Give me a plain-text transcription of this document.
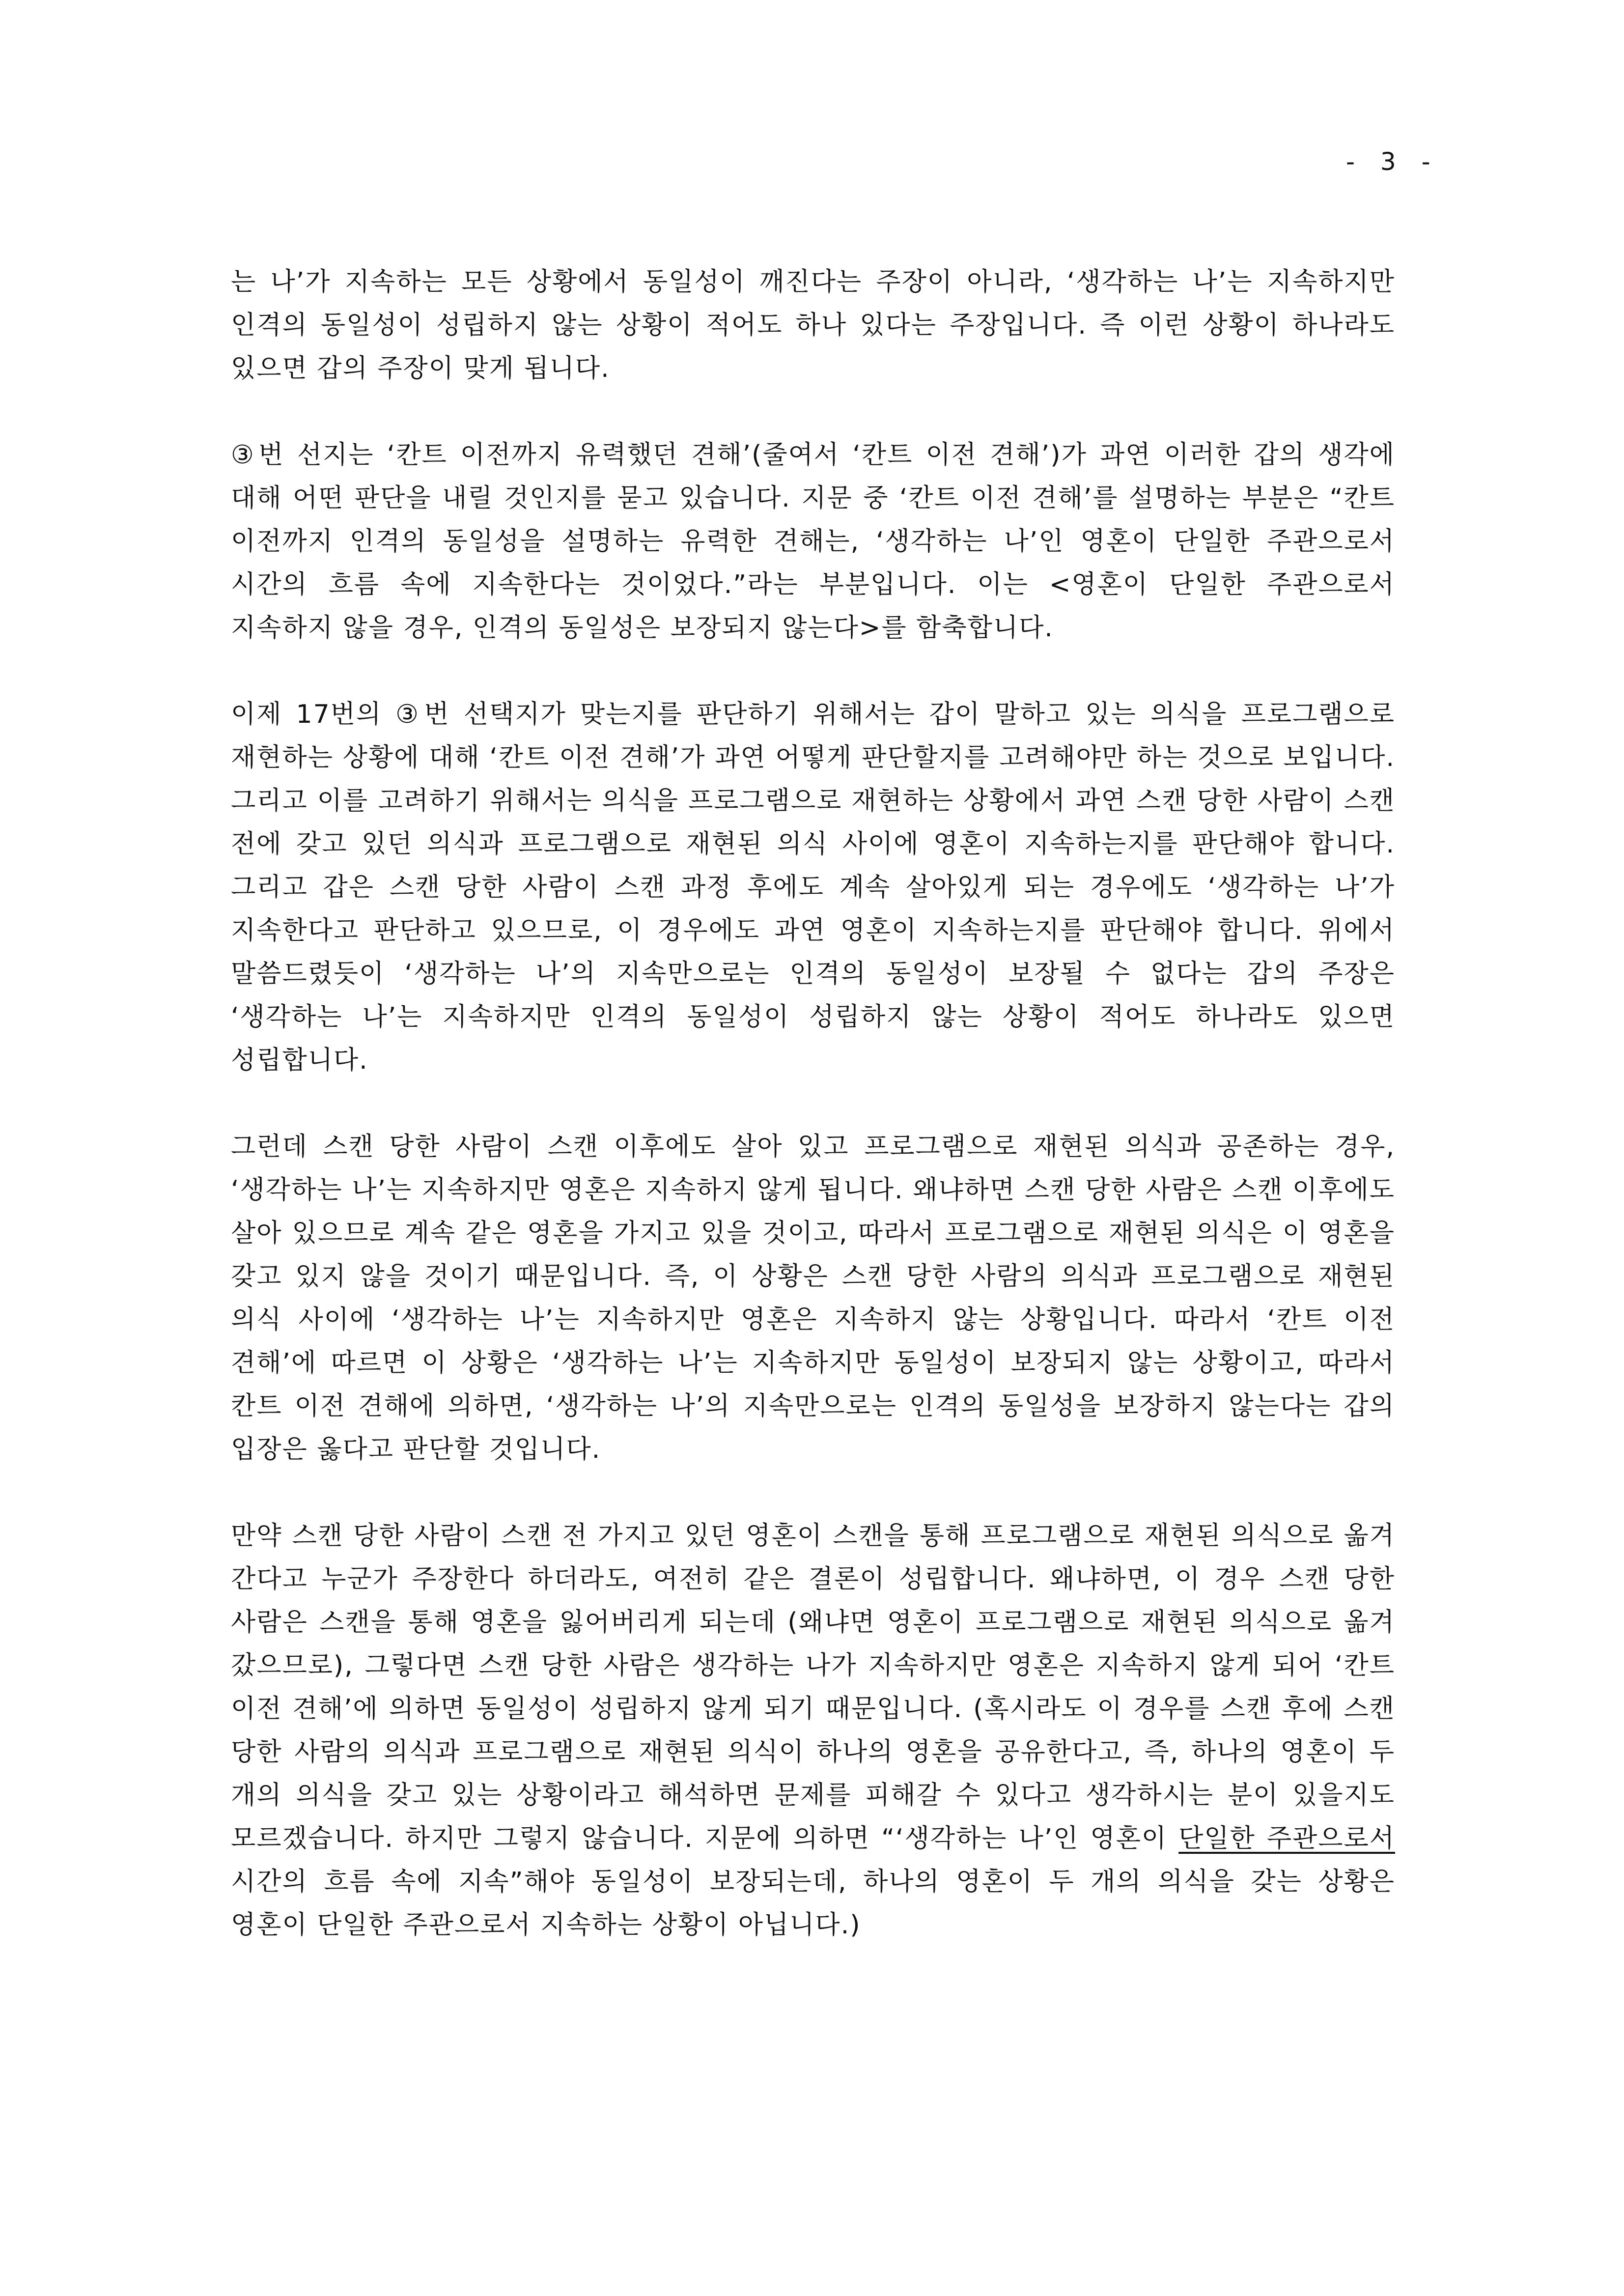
- 3 -

는 나’가 지속하는 모든 상황에서 동일성이 깨진다는 주장이 아니라, ‘생각하는 나’는 지속하지만 인격의 동일성이 성립하지 않는 상황이 적어도 하나 있다는 주장입니다. 즉 이런 상황이 하나라도 있으면 갑의 주장이 맞게 됩니다.

③번 선지는 ‘칸트 이전까지 유력했던 견해’(줄여서 ‘칸트 이전 견해’)가 과연 이러한 갑의 생각에 대해 어떤 판단을 내릴 것인지를 묻고 있습니다. 지문 중 ‘칸트 이전 견해’를 설명하는 부분은 “칸트 이전까지 인격의 동일성을 설명하는 유력한 견해는, ‘생각하는 나’인 영혼이 단일한 주관으로서 시간의 흐름 속에 지속한다는 것이었다.”라는 부분입니다. 이는 <영혼이 단일한 주관으로서 지속하지 않을 경우, 인격의 동일성은 보장되지 않는다>를 함축합니다.

이제 17번의 ③번 선택지가 맞는지를 판단하기 위해서는 갑이 말하고 있는 의식을 프로그램으로 재현하는 상황에 대해 ‘칸트 이전 견해’가 과연 어떻게 판단할지를 고려해야만 하는 것으로 보입니다. 그리고 이를 고려하기 위해서는 의식을 프로그램으로 재현하는 상황에서 과연 스캔 당한 사람이 스캔 전에 갖고 있던 의식과 프로그램으로 재현된 의식 사이에 영혼이 지속하는지를 판단해야 합니다. 그리고 갑은 스캔 당한 사람이 스캔 과정 후에도 계속 살아있게 되는 경우에도 ‘생각하는 나’가 지속한다고 판단하고 있으므로, 이 경우에도 과연 영혼이 지속하는지를 판단해야 합니다. 위에서 말씀드렸듯이 ‘생각하는 나’의 지속만으로는 인격의 동일성이 보장될 수 없다는 갑의 주장은 ‘생각하는 나’는 지속하지만 인격의 동일성이 성립하지 않는 상황이 적어도 하나라도 있으면 성립합니다.

그런데 스캔 당한 사람이 스캔 이후에도 살아 있고 프로그램으로 재현된 의식과 공존하는 경우, ‘생각하는 나’는 지속하지만 영혼은 지속하지 않게 됩니다. 왜냐하면 스캔 당한 사람은 스캔 이후에도 살아 있으므로 계속 같은 영혼을 가지고 있을 것이고, 따라서 프로그램으로 재현된 의식은 이 영혼을 갖고 있지 않을 것이기 때문입니다. 즉, 이 상황은 스캔 당한 사람의 의식과 프로그램으로 재현된 의식 사이에 ‘생각하는 나’는 지속하지만 영혼은 지속하지 않는 상황입니다. 따라서 ‘칸트 이전 견해’에 따르면 이 상황은 ‘생각하는 나’는 지속하지만 동일성이 보장되지 않는 상황이고, 따라서 칸트 이전 견해에 의하면, ‘생각하는 나’의 지속만으로는 인격의 동일성을 보장하지 않는다는 갑의 입장은 옳다고 판단할 것입니다.

만약 스캔 당한 사람이 스캔 전 가지고 있던 영혼이 스캔을 통해 프로그램으로 재현된 의식으로 옮겨 간다고 누군가 주장한다 하더라도, 여전히 같은 결론이 성립합니다. 왜냐하면, 이 경우 스캔 당한 사람은 스캔을 통해 영혼을 잃어버리게 되는데 (왜냐면 영혼이 프로그램으로 재현된 의식으로 옮겨 갔으므로), 그렇다면 스캔 당한 사람은 생각하는 나가 지속하지만 영혼은 지속하지 않게 되어 ‘칸트 이전 견해’에 의하면 동일성이 성립하지 않게 되기 때문입니다. (혹시라도 이 경우를 스캔 후에 스캔 당한 사람의 의식과 프로그램으로 재현된 의식이 하나의 영혼을 공유한다고, 즉, 하나의 영혼이 두 개의 의식을 갖고 있는 상황이라고 해석하면 문제를 피해갈 수 있다고 생각하시는 분이 있을지도 모르겠습니다. 하지만 그렇지 않습니다. 지문에 의하면 “‘생각하는 나’인 영혼이 단일한 주관으로서 시간의 흐름 속에 지속”해야 동일성이 보장되는데, 하나의 영혼이 두 개의 의식을 갖는 상황은 영혼이 단일한 주관으로서 지속하는 상황이 아닙니다.)
